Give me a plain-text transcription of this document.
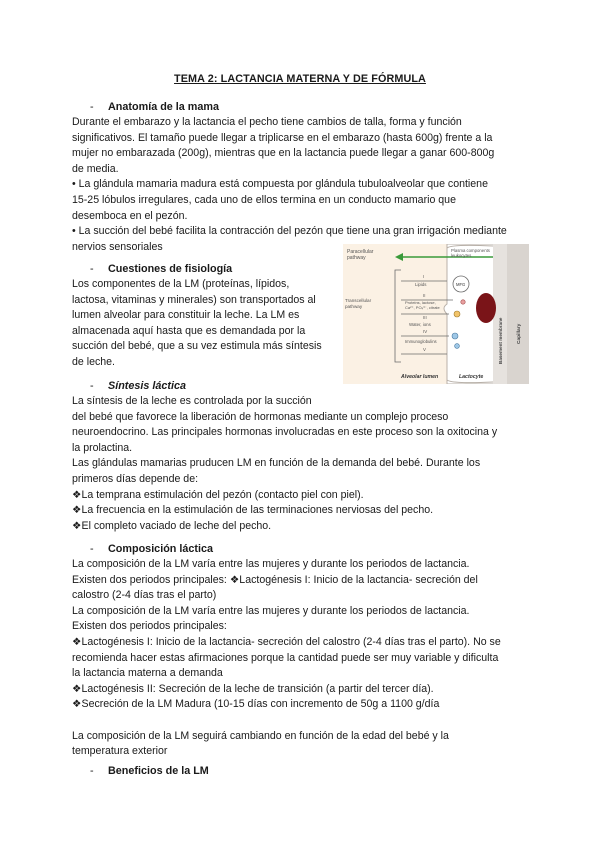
TEMA 2: LACTANCIA MATERNA Y DE FÓRMULA
- Anatomía de la mama
Durante el embarazo y la lactancia el pecho tiene cambios de talla, forma y función
significativos. El tamaño puede llegar a triplicarse en el embarazo (hasta 600g) frente a la
mujer no embarazada (200g), mientras que en la lactancia puede llegar a ganar 600-800g
de media.
• La glándula mamaria madura está compuesta por glándula tubuloalveolar que contiene
15-25 lóbulos irregulares, cada uno de ellos termina en un conducto mamario que
desemboca en el pezón.
• La succión del bebé facilita la contracción del pezón que tiene una gran irrigación mediante
nervios sensoriales
- Cuestiones de fisiología
Los componentes de la LM (proteínas, lípidos,
lactosa, vitaminas y minerales) son transportados al
lumen alveolar para constituir la leche. La LM es
almacenada aquí hasta que es demandada por la
succión del bebé, que a su vez estimula más síntesis
de leche.
Paracellular pathway
Plasma components leukocytes
Transcellular pathway
I
Lipids	MFG
II
Proteins, lactose, Ca²⁺, PO₄³⁻, citrate
III
Water, ions
IV
Immunoglobulins
V
Alveolar lumen	Lactocyte
Basement membrane	Capillary
- Síntesis láctica
La síntesis de la leche es controlada por la succión
del bebé que favorece la liberación de hormonas mediante un complejo proceso
neuroendocrino. Las principales hormonas involucradas en este proceso son la oxitocina y
la prolactina.
Las glándulas mamarias pruducen LM en función de la demanda del bebé. Durante los
primeros días depende de:
❖La temprana estimulación del pezón (contacto piel con piel).
❖La frecuencia en la estimulación de las terminaciones nerviosas del pecho.
❖El completo vaciado de leche del pecho.
- Composición láctica
La composición de la LM varía entre las mujeres y durante los periodos de lactancia.
Existen dos periodos principales: ❖Lactogénesis I: Inicio de la lactancia- secreción del
calostro (2-4 días tras el parto)
La composición de la LM varía entre las mujeres y durante los periodos de lactancia.
Existen dos periodos principales:
❖Lactogénesis I: Inicio de la lactancia- secreción del calostro (2-4 días tras el parto). No se
recomienda hacer estas afirmaciones porque la cantidad puede ser muy variable y dificulta
la lactancia materna a demanda
❖Lactogénesis II: Secreción de la leche de transición (a partir del tercer día).
❖Secreción de la LM Madura (10-15 días con incremento de 50g a 1100 g/día
La composición de la LM seguirá cambiando en función de la edad del bebé y la
temperatura exterior
- Beneficios de la LM
